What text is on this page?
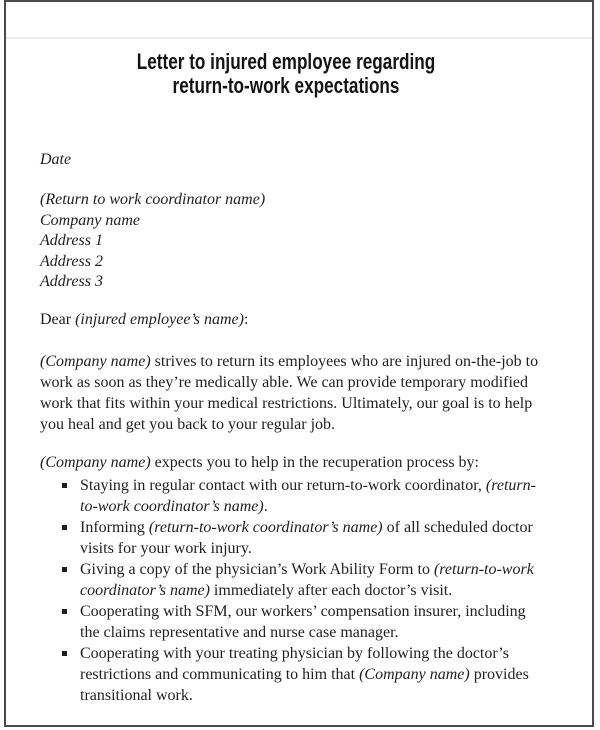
Letter to injured employee regarding
return-to-work expectations

Date

(Return to work coordinator name)
Company name
Address 1
Address 2
Address 3

Dear (injured employee’s name):

(Company name) strives to return its employees who are injured on-the-job to work as soon as they’re medically able. We can provide temporary modified work that fits within your medical restrictions. Ultimately, our goal is to help you heal and get you back to your regular job.

(Company name) expects you to help in the recuperation process by:

Staying in regular contact with our return-to-work coordinator, (return-to-work coordinator’s name).
Informing (return-to-work coordinator’s name) of all scheduled doctor visits for your work injury.
Giving a copy of the physician’s Work Ability Form to (return-to-work coordinator’s name) immediately after each doctor’s visit.
Cooperating with SFM, our workers’ compensation insurer, including the claims representative and nurse case manager.
Cooperating with your treating physician by following the doctor’s restrictions and communicating to him that (Company name) provides transitional work.
